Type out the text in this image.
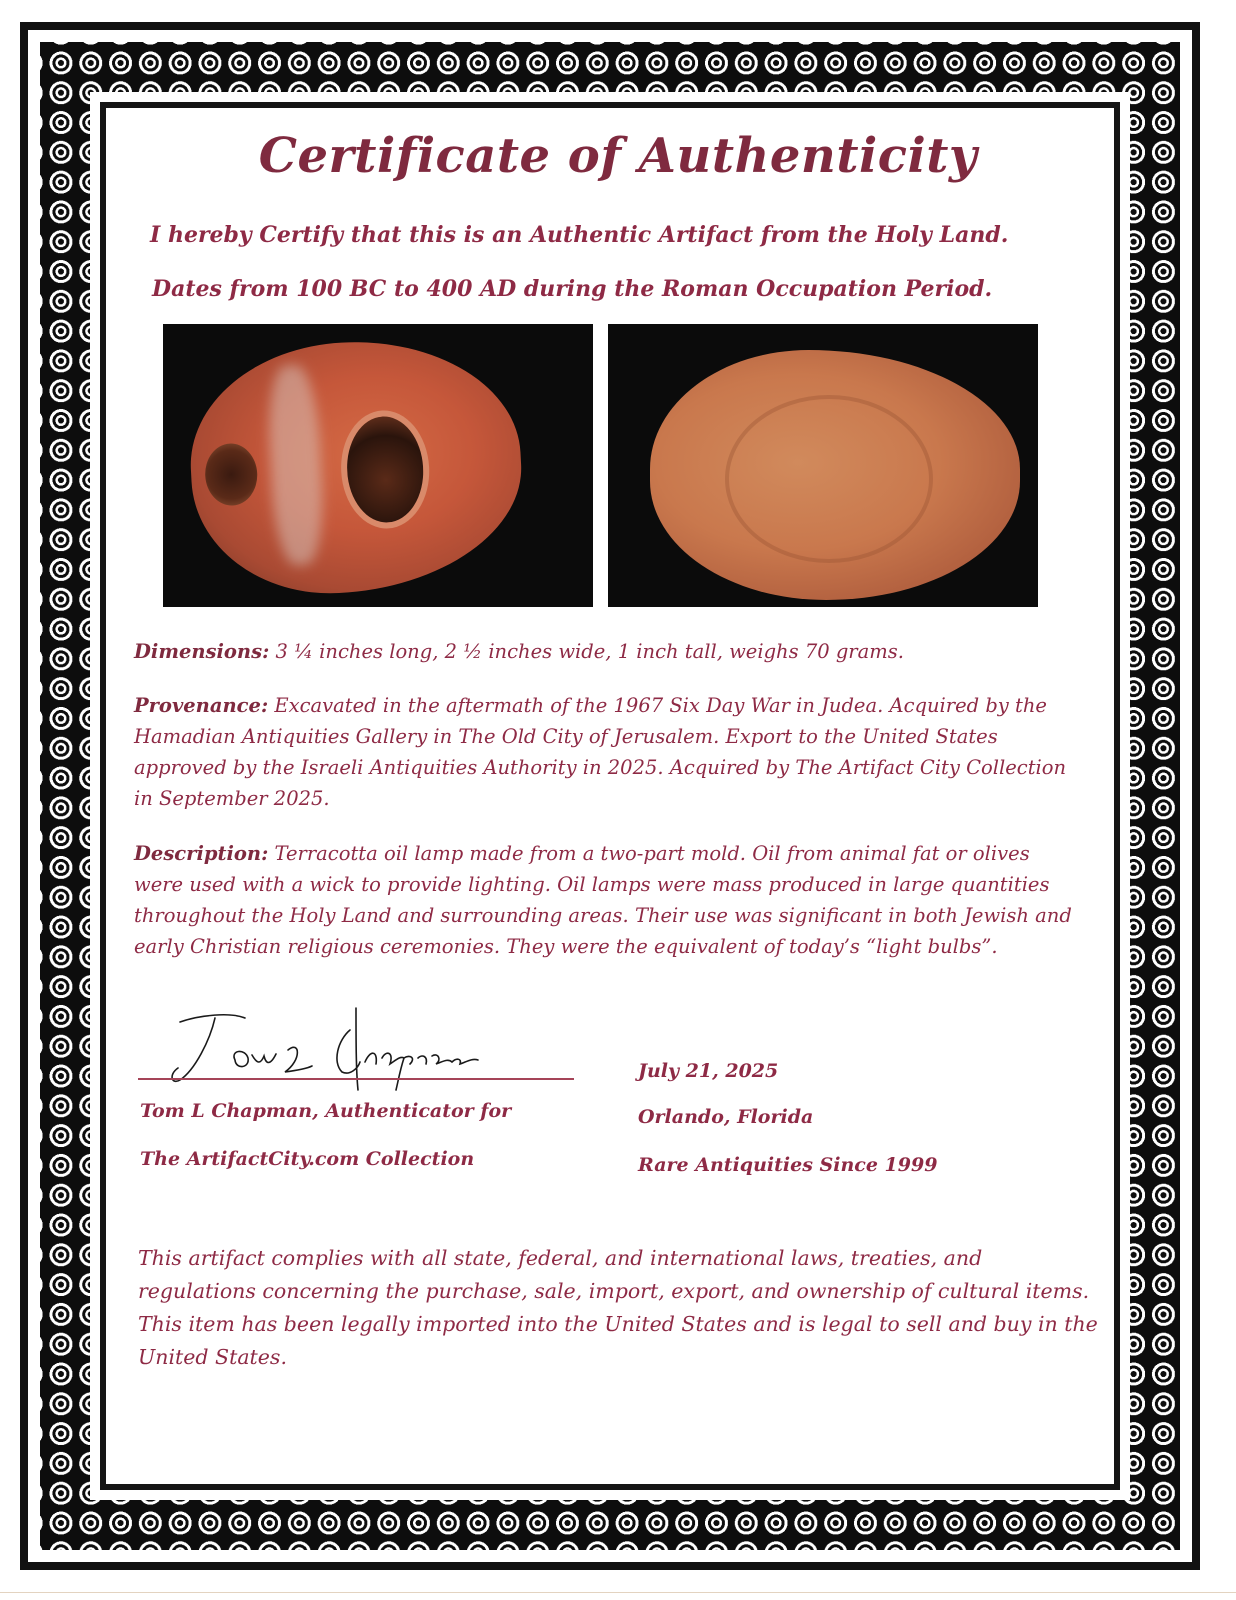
Certificate of Authenticity
I hereby Certify that this is an Authentic Artifact from the Holy Land.
Dates from 100 BC to 400 AD during the Roman Occupation Period.
Dimensions: 3 ¼ inches long, 2 ½ inches wide, 1 inch tall, weighs 70 grams.
Provenance: Excavated in the aftermath of the 1967 Six Day War in Judea. Acquired by the Hamadian Antiquities Gallery in The Old City of Jerusalem. Export to the United States approved by the Israeli Antiquities Authority in 2025. Acquired by The Artifact City Collection in September 2025.
Description: Terracotta oil lamp made from a two-part mold. Oil from animal fat or olives were used with a wick to provide lighting. Oil lamps were mass produced in large quantities throughout the Holy Land and surrounding areas. Their use was significant in both Jewish and early Christian religious ceremonies. They were the equivalent of today’s “light bulbs”.
Tom L Chapman, Authenticator for
The ArtifactCity.com Collection
July 21, 2025
Orlando, Florida
Rare Antiquities Since 1999
This artifact complies with all state, federal, and international laws, treaties, and regulations concerning the purchase, sale, import, export, and ownership of cultural items. This item has been legally imported into the United States and is legal to sell and buy in the United States.
